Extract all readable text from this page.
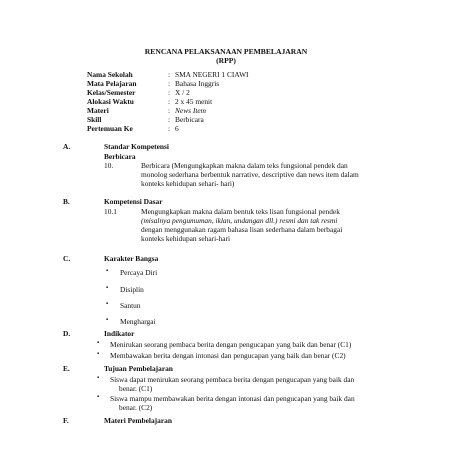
RENCANA PELAKSANAAN PEMBELAJARAN
(RPP)
Nama Sekolah	: SMA NEGERI 1 CIAWI
Mata Pelajaran	: Bahasa Inggris
Kelas/Semester	: X / 2
Alokasi Waktu	: 2 x 45 menit
Materi	: News Item
Skill	: Berbicara
Pertemuan Ke	: 6
A.	Standar Kompetensi
Berbicara
10.	Berbicara (Mengungkapkan makna dalam teks fungsional pendek dan
monolog sederhana berbentuk narrative, descriptive dan news item dalam
konteks kehidupan sehari- hari)
B.	Kompetensi Dasar
10.1	Mengungkapkan makna dalam bentuk teks lisan fungsional pendek
(misalnya pengumuman, iklan, undangan dll.) resmi dan tak resmi
dengan menggunakan ragam bahasa lisan sederhana dalam berbagai
konteks kehidupan sehari-hari
C.	Karakter Bangsa
▪ Percaya Diri
▪ Disiplin
▪ Santun
▪ Menghargai
D.	Indikator
▪ Menirukan seorang pembaca berita dengan pengucapan yang baik dan benar (C1)
▪ Membawakan berita dengan intonasi dan pengucapan yang baik dan benar (C2)
E.	Tujuan Pembelajaran
▪ Siswa dapat menirukan seorang pembaca berita dengan pengucapan yang baik dan
benar. (C1)
▪ Siswa mampu membawakan berita dengan intonasi dan pengucapan yang baik dan
benar. (C2)
F.	Materi Pembelajaran
